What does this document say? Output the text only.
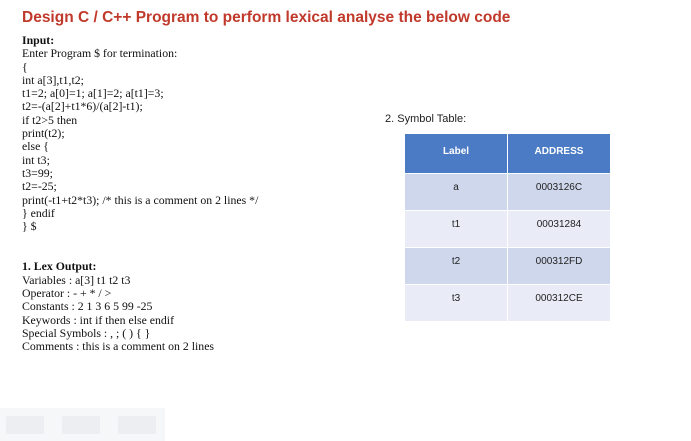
Design C / C++ Program to perform lexical analyse the below code
Input:
Enter Program $ for termination:
{
int a[3],t1,t2;
t1=2; a[0]=1; a[1]=2; a[t1]=3;
t2=-(a[2]+t1*6)/(a[2]-t1);
if t2>5 then
print(t2);
else {
int t3;
t3=99;
t2=-25;
print(-t1+t2*t3); /* this is a comment on 2 lines */
} endif
} $
1. Lex Output:
Variables : a[3] t1 t2 t3
Operator : - + * / >
Constants : 2 1 3 6 5 99 -25
Keywords : int if then else endif
Special Symbols : , ; ( ) { }
Comments : this is a comment on 2 lines
2. Symbol Table:
Label	ADDRESS
a	0003126C
t1	00031284
t2	000312FD
t3	000312CE
